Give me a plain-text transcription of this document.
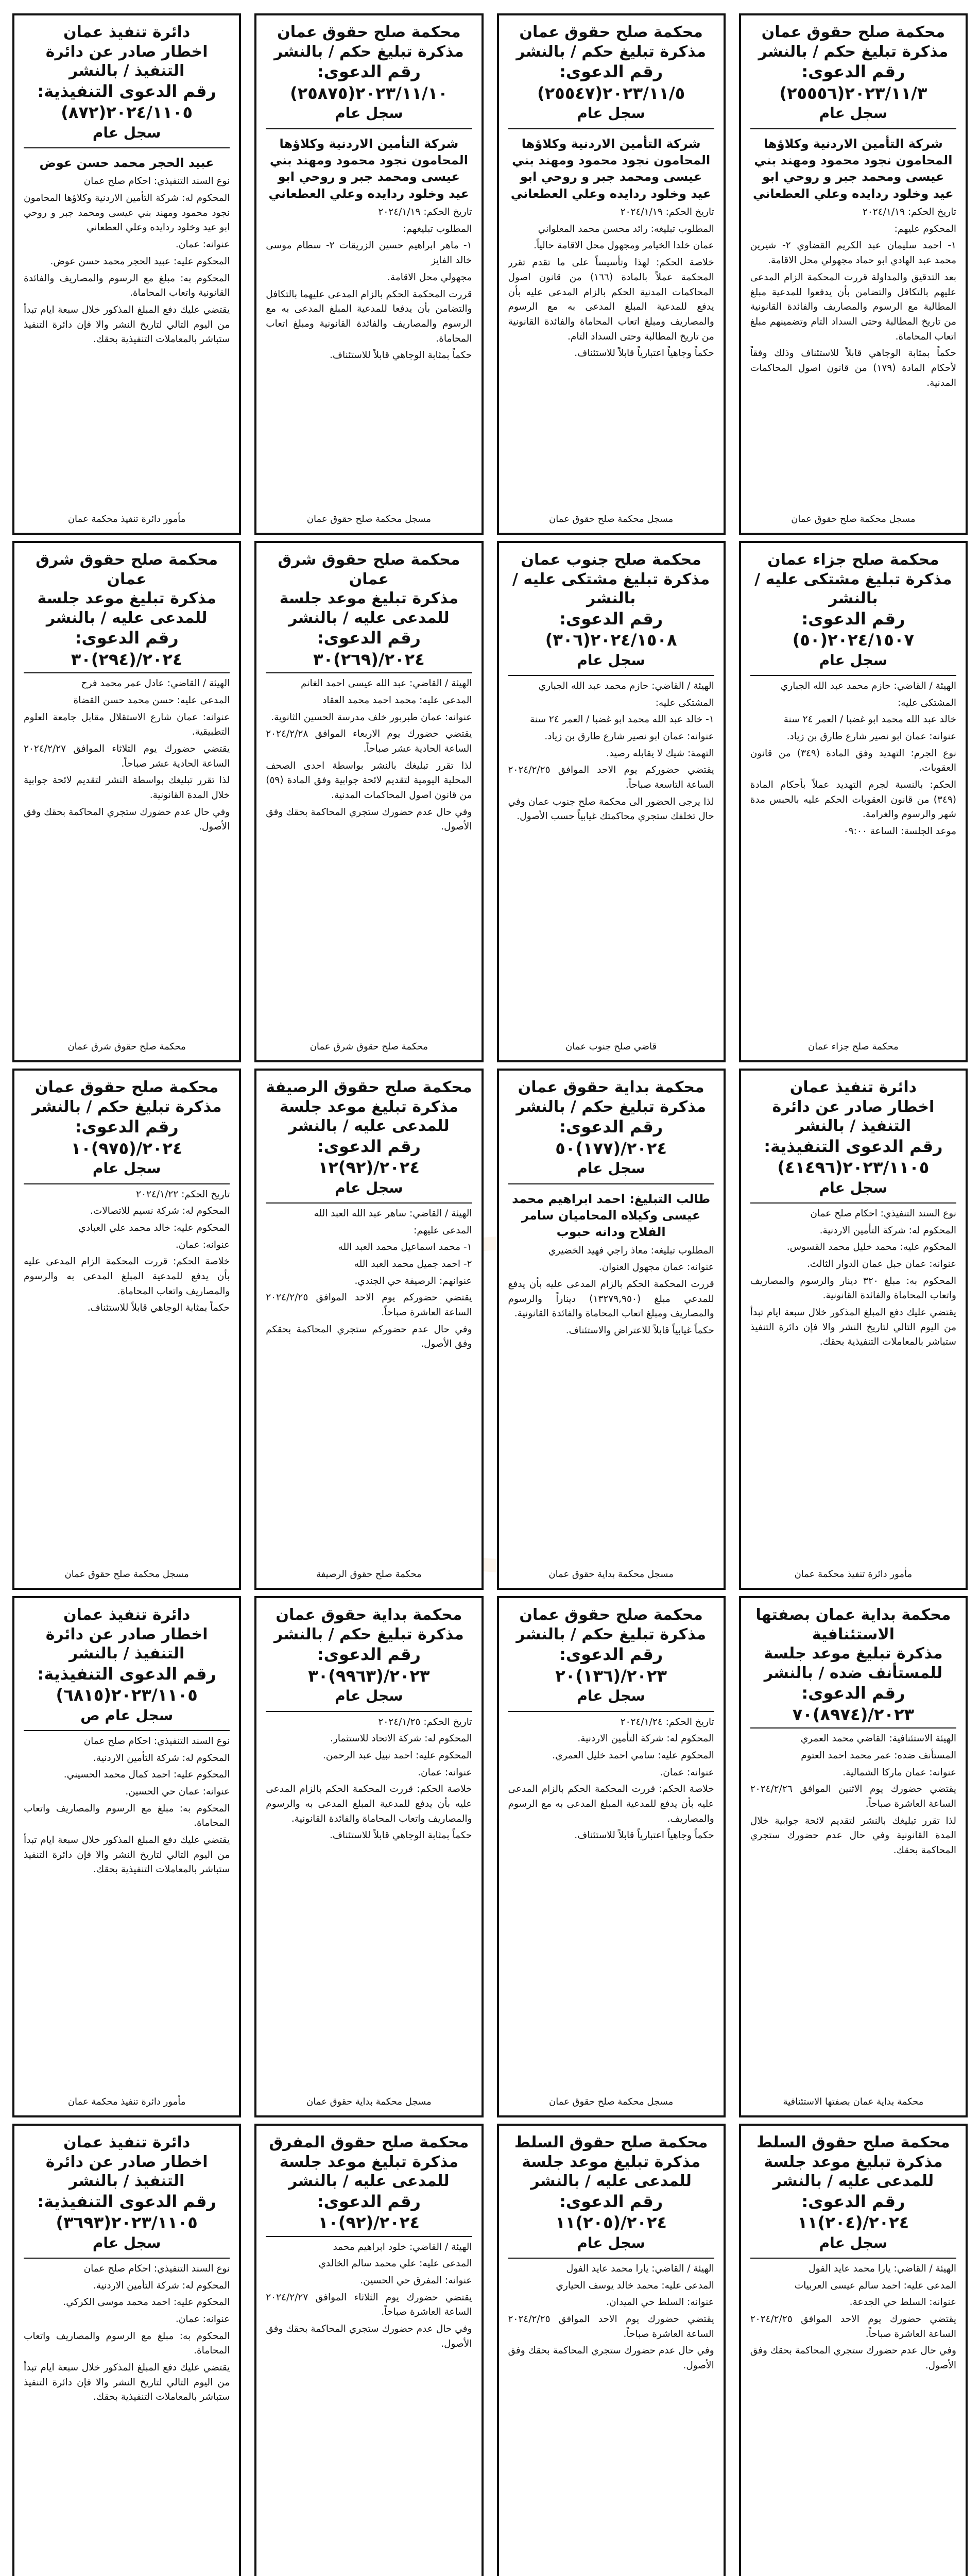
محكمة صلح حقوق عمان
مذكرة تبليغ حكم / بالنشر
رقم الدعوى: ٢٠٢٣/١١/٣(٢٥٥٥٦)
سجل عام
شركة التأمين الاردنية وكلاؤها المحامون نجود محمود ومهند بني عيسى ومحمد جبر و روحي ابو عيد وخلود ردايده وعلي العطعاني

تاريخ الحكم: ٢٠٢٤/١/١٩

المحكوم عليهم:

١- احمد سليمان عبد الكريم القضاوي ٢- شيرين محمد عبد الهادي ابو حماد مجهولي محل الاقامة.

بعد التدقيق والمداولة قررت المحكمة الزام المدعى عليهم بالتكافل والتضامن بأن يدفعوا للمدعية مبلغ المطالبة مع الرسوم والمصاريف والفائدة القانونية من تاريخ المطالبة وحتى السداد التام وتضمينهم مبلغ اتعاب المحاماة.

حكماً بمثابة الوجاهي قابلاً للاستئناف وذلك وفقاً لأحكام المادة (١٧٩) من قانون اصول المحاكمات المدنية.

مسجل محكمة صلح حقوق عمان
محكمة صلح حقوق عمان
مذكرة تبليغ حكم / بالنشر
رقم الدعوى: ٢٠٢٣/١١/٥(٢٥٥٤٧)
سجل عام
شركة التأمين الاردنية وكلاؤها المحامون نجود محمود ومهند بني عيسى ومحمد جبر و روحي ابو عيد وخلود ردايده وعلي العطعاني

تاريخ الحكم: ٢٠٢٤/١/١٩

المطلوب تبليغه: رائد محسن محمد المعلواني

عمان خلدا الخيامر ومجهول محل الاقامة حالياً.

خلاصة الحكم: لهذا وتأسيساً على ما تقدم تقرر المحكمة عملاً بالمادة (١٦٦) من قانون اصول المحاكمات المدنية الحكم بالزام المدعى عليه بأن يدفع للمدعية المبلغ المدعى به مع الرسوم والمصاريف ومبلغ اتعاب المحاماة والفائدة القانونية من تاريخ المطالبة وحتى السداد التام.

حكماً وجاهياً اعتبارياً قابلاً للاستئناف.

مسجل محكمة صلح حقوق عمان
محكمة صلح حقوق عمان
مذكرة تبليغ حكم / بالنشر
رقم الدعوى: ٢٠٢٣/١١/١٠(٢٥٨٧٥)
سجل عام
شركة التأمين الاردنية وكلاؤها المحامون نجود محمود ومهند بني عيسى ومحمد جبر و روحي ابو عيد وخلود ردايده وعلي العطعاني

تاريخ الحكم: ٢٠٢٤/١/١٩

المطلوب تبليغهم:

١- ماهر ابراهيم حسين الزريقات ٢- سطام موسى خالد الفايز

مجهولي محل الاقامة.

قررت المحكمة الحكم بالزام المدعى عليهما بالتكافل والتضامن بأن يدفعا للمدعية المبلغ المدعى به مع الرسوم والمصاريف والفائدة القانونية ومبلغ اتعاب المحاماة.

حكماً بمثابة الوجاهي قابلاً للاستئناف.

مسجل محكمة صلح حقوق عمان
دائرة تنفيذ عمان
اخطار صادر عن دائرة التنفيذ / بالنشر
رقم الدعوى التنفيذية: ٢٠٢٤/١١٠٥(٨٧٢)
سجل عام
عبيد الحجر محمد حسن عوض

نوع السند التنفيذي: احكام صلح عمان

المحكوم له: شركة التأمين الاردنية وكلاؤها المحامون نجود محمود ومهند بني عيسى ومحمد جبر و روحي ابو عيد وخلود ردايده وعلي العطعاني

عنوانه: عمان.

المحكوم عليه: عبيد الحجر محمد حسن عوض.

المحكوم به: مبلغ مع الرسوم والمصاريف والفائدة القانونية واتعاب المحاماة.

يقتضي عليك دفع المبلغ المذكور خلال سبعة ايام تبدأ من اليوم التالي لتاريخ النشر والا فإن دائرة التنفيذ ستباشر بالمعاملات التنفيذية بحقك.

مأمور دائرة تنفيذ محكمة عمان
محكمة صلح جزاء عمان
مذكرة تبليغ مشتكى عليه / بالنشر
رقم الدعوى: ٢٠٢٤/١٥٠٧(٥٠)
سجل عام

الهيئة / القاضي: حازم محمد عبد الله الجباري

المشتكى عليه:

خالد عبد الله محمد ابو غضبا / العمر ٢٤ سنة

عنوانه: عمان ابو نصير شارع طارق بن زياد.

نوع الجرم: التهديد وفق المادة (٣٤٩) من قانون العقوبات.

الحكم: بالنسبة لجرم التهديد عملاً بأحكام المادة (٣٤٩) من قانون العقوبات الحكم عليه بالحبس مدة شهر والرسوم والغرامة.

موعد الجلسة: الساعة ٠٩:٠٠

محكمة صلح جزاء عمان
محكمة صلح جنوب عمان
مذكرة تبليغ مشتكى عليه / بالنشر
رقم الدعوى: ٢٠٢٤/١٥٠٨(٣٠٦)
سجل عام

الهيئة / القاضي: حازم محمد عبد الله الجباري

المشتكى عليه:

١- خالد عبد الله محمد ابو غضبا / العمر ٢٤ سنة

عنوانه: عمان ابو نصير شارع طارق بن زياد.

التهمة: شيك لا يقابله رصيد.

يقتضي حضوركم يوم الاحد الموافق ٢٠٢٤/٢/٢٥ الساعة التاسعة صباحاً.

لذا يرجى الحضور الى محكمة صلح جنوب عمان وفي حال تخلفك ستجري محاكمتك غيابياً حسب الأصول.

قاضي صلح جنوب عمان
محكمة صلح حقوق شرق عمان
مذكرة تبليغ موعد جلسة للمدعى عليه / بالنشر
رقم الدعوى: ٢٠٢٤/(٢٦٩)٣٠

الهيئة / القاضي: عبد الله عيسى احمد الغانم

المدعى عليه: محمد احمد محمد العقاد

عنوانه: عمان طبربور خلف مدرسة الحسين الثانوية.

يقتضي حضورك يوم الاربعاء الموافق ٢٠٢٤/٢/٢٨ الساعة الحادية عشر صباحاً.

لذا تقرر تبليغك بالنشر بواسطة احدى الصحف المحلية اليومية لتقديم لائحة جوابية وفق المادة (٥٩) من قانون اصول المحاكمات المدنية.

وفي حال عدم حضورك ستجري المحاكمة بحقك وفق الأصول.

محكمة صلح حقوق شرق عمان
محكمة صلح حقوق شرق عمان
مذكرة تبليغ موعد جلسة للمدعى عليه / بالنشر
رقم الدعوى: ٢٠٢٤/(٢٩٤)٣٠

الهيئة / القاضي: عادل عمر محمد فرح

المدعى عليه: حسن محمد حسن القضاة

عنوانه: عمان شارع الاستقلال مقابل جامعة العلوم التطبيقية.

يقتضي حضورك يوم الثلاثاء الموافق ٢٠٢٤/٢/٢٧ الساعة الحادية عشر صباحاً.

لذا تقرر تبليغك بواسطة النشر لتقديم لائحة جوابية خلال المدة القانونية.

وفي حال عدم حضورك ستجري المحاكمة بحقك وفق الأصول.

محكمة صلح حقوق شرق عمان
دائرة تنفيذ عمان
اخطار صادر عن دائرة التنفيذ / بالنشر
رقم الدعوى التنفيذية: ٢٠٢٣/١١٠٥(٤١٤٩٦)
سجل عام

نوع السند التنفيذي: احكام صلح عمان

المحكوم له: شركة التأمين الاردنية.

المحكوم عليه: محمد خليل محمد القسوس.

عنوانه: عمان جبل عمان الدوار الثالث.

المحكوم به: مبلغ ٣٢٠ دينار والرسوم والمصاريف واتعاب المحاماة والفائدة القانونية.

يقتضي عليك دفع المبلغ المذكور خلال سبعة ايام تبدأ من اليوم التالي لتاريخ النشر والا فإن دائرة التنفيذ ستباشر بالمعاملات التنفيذية بحقك.

مأمور دائرة تنفيذ محكمة عمان
محكمة بداية حقوق عمان
مذكرة تبليغ حكم / بالنشر
رقم الدعوى: ٢٠٢٤/(١٧٧)٥٠
سجل عام
طالب التبليغ: احمد ابراهيم محمد عيسى وكيلاه المحاميان سامر الفلاح ودانه حبوب

المطلوب تبليغه: معاذ راجي فهيد الخضيري

عنوانه: عمان مجهول العنوان.

قررت المحكمة الحكم بالزام المدعى عليه بأن يدفع للمدعي مبلغ (١٣٢٧٩,٩٥٠) ديناراً والرسوم والمصاريف ومبلغ اتعاب المحاماة والفائدة القانونية.

حكماً غيابياً قابلاً للاعتراض والاستئناف.

مسجل محكمة بداية حقوق عمان
محكمة صلح حقوق الرصيفة
مذكرة تبليغ موعد جلسة للمدعى عليه / بالنشر
رقم الدعوى: ٢٠٢٤/(٩٢)١٢
سجل عام

الهيئة / القاضي: ساهر عبد الله العبد الله

المدعى عليهم:

١- محمد اسماعيل محمد العبد الله

٢- احمد جميل محمد العبد الله

عنوانهم: الرصيفة حي الجندي.

يقتضي حضوركم يوم الاحد الموافق ٢٠٢٤/٢/٢٥ الساعة العاشرة صباحاً.

وفي حال عدم حضوركم ستجري المحاكمة بحقكم وفق الأصول.

محكمة صلح حقوق الرصيفة
محكمة صلح حقوق عمان
مذكرة تبليغ حكم / بالنشر
رقم الدعوى: ٢٠٢٤/(٩٧٥)١٠
سجل عام

تاريخ الحكم: ٢٠٢٤/١/٢٢

المحكوم له: شركة نسيم للاتصالات.

المحكوم عليه: خالد محمد علي العبادي

عنوانه: عمان.

خلاصة الحكم: قررت المحكمة الزام المدعى عليه بأن يدفع للمدعية المبلغ المدعى به والرسوم والمصاريف واتعاب المحاماة.

حكماً بمثابة الوجاهي قابلاً للاستئناف.

مسجل محكمة صلح حقوق عمان
محكمة بداية عمان بصفتها الاستئنافية
مذكرة تبليغ موعد جلسة للمستأنف ضده / بالنشر
رقم الدعوى: ٢٠٢٣/(٨٩٧٤)٧٠

الهيئة الاستئنافية: القاضي محمد العمري

المستأنف ضده: عمر محمد احمد العتوم

عنوانه: عمان ماركا الشمالية.

يقتضي حضورك يوم الاثنين الموافق ٢٠٢٤/٢/٢٦ الساعة العاشرة صباحاً.

لذا تقرر تبليغك بالنشر لتقديم لائحة جوابية خلال المدة القانونية وفي حال عدم حضورك ستجري المحاكمة بحقك.

محكمة بداية عمان بصفتها الاستئنافية
محكمة صلح حقوق عمان
مذكرة تبليغ حكم / بالنشر
رقم الدعوى: ٢٠٢٣/(١٣٦)٢٠
سجل عام

تاريخ الحكم: ٢٠٢٤/١/٢٤

المحكوم له: شركة التأمين الاردنية.

المحكوم عليه: سامي احمد خليل العمري.

عنوانه: عمان.

خلاصة الحكم: قررت المحكمة الحكم بالزام المدعى عليه بأن يدفع للمدعية المبلغ المدعى به مع الرسوم والمصاريف.

حكماً وجاهياً اعتبارياً قابلاً للاستئناف.

مسجل محكمة صلح حقوق عمان
محكمة بداية حقوق عمان
مذكرة تبليغ حكم / بالنشر
رقم الدعوى: ٢٠٢٣/(٩٩٦٣)٣٠
سجل عام

تاريخ الحكم: ٢٠٢٤/١/٢٥

المحكوم له: شركة الاتحاد للاستثمار.

المحكوم عليه: احمد نبيل عبد الرحمن.

عنوانه: عمان.

خلاصة الحكم: قررت المحكمة الحكم بالزام المدعى عليه بأن يدفع للمدعية المبلغ المدعى به والرسوم والمصاريف واتعاب المحاماة والفائدة القانونية.

حكماً بمثابة الوجاهي قابلاً للاستئناف.

مسجل محكمة بداية حقوق عمان
دائرة تنفيذ عمان
اخطار صادر عن دائرة التنفيذ / بالنشر
رقم الدعوى التنفيذية: ٢٠٢٣/١١٠٥(٦٨١٥)
سجل عام ص

نوع السند التنفيذي: احكام صلح عمان

المحكوم له: شركة التأمين الاردنية.

المحكوم عليه: احمد كمال محمد الحسيني.

عنوانه: عمان حي الحسين.

المحكوم به: مبلغ مع الرسوم والمصاريف واتعاب المحاماة.

يقتضي عليك دفع المبلغ المذكور خلال سبعة ايام تبدأ من اليوم التالي لتاريخ النشر والا فإن دائرة التنفيذ ستباشر بالمعاملات التنفيذية بحقك.

مأمور دائرة تنفيذ محكمة عمان
محكمة صلح حقوق السلط
مذكرة تبليغ موعد جلسة للمدعى عليه / بالنشر
رقم الدعوى: ٢٠٢٤/(٢٠٤)١١
سجل عام

الهيئة / القاضي: يارا محمد عايد الفول

المدعى عليه: احمد سالم عيسى العربيات

عنوانه: السلط حي الجدعة.

يقتضي حضورك يوم الاحد الموافق ٢٠٢٤/٢/٢٥ الساعة العاشرة صباحاً.

وفي حال عدم حضورك ستجري المحاكمة بحقك وفق الأصول.

محكمة صلح حقوق السلط
مذكرة تبليغ موعد جلسة للمدعى عليه / بالنشر
رقم الدعوى: ٢٠٢٤/(٢٠٥)١١
سجل عام

الهيئة / القاضي: يارا محمد عايد الفول

المدعى عليه: محمد خالد يوسف الحياري

عنوانه: السلط حي الميدان.

يقتضي حضورك يوم الاحد الموافق ٢٠٢٤/٢/٢٥ الساعة العاشرة صباحاً.

وفي حال عدم حضورك ستجري المحاكمة بحقك وفق الأصول.

محكمة صلح حقوق المفرق
مذكرة تبليغ موعد جلسة للمدعى عليه / بالنشر
رقم الدعوى: ٢٠٢٤/(٩٢)١٠

الهيئة / القاضي: خلود ابراهيم محمد

المدعى عليه: علي محمد سالم الخالدي

عنوانه: المفرق حي الحسين.

يقتضي حضورك يوم الثلاثاء الموافق ٢٠٢٤/٢/٢٧ الساعة العاشرة صباحاً.

وفي حال عدم حضورك ستجري المحاكمة بحقك وفق الأصول.

دائرة تنفيذ عمان
اخطار صادر عن دائرة التنفيذ / بالنشر
رقم الدعوى التنفيذية: ٢٠٢٣/١١٠٥(٣٦٩٣)
سجل عام

نوع السند التنفيذي: احكام صلح عمان

المحكوم له: شركة التأمين الاردنية.

المحكوم عليه: احمد محمد موسى الكركي.

عنوانه: عمان.

المحكوم به: مبلغ مع الرسوم والمصاريف واتعاب المحاماة.

يقتضي عليك دفع المبلغ المذكور خلال سبعة ايام تبدأ من اليوم التالي لتاريخ النشر والا فإن دائرة التنفيذ ستباشر بالمعاملات التنفيذية بحقك.
